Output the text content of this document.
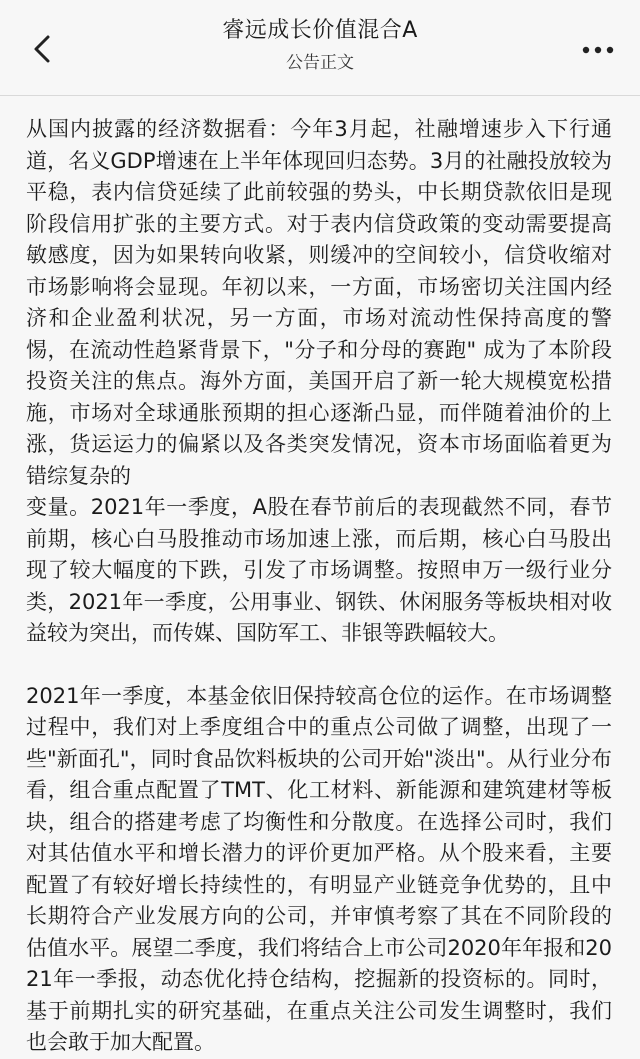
睿远成长价值混合A
公告正文

从国内披露的经济数据看：今年3月起，社融增速步入下行通道，名义GDP增速在上半年体现回归态势。3月的社融投放较为平稳，表内信贷延续了此前较强的势头，中长期贷款依旧是现阶段信用扩张的主要方式。对于表内信贷政策的变动需要提高敏感度，因为如果转向收紧，则缓冲的空间较小，信贷收缩对市场影响将会显现。年初以来，一方面，市场密切关注国内经济和企业盈利状况，另一方面，市场对流动性保持高度的警惕，在流动性趋紧背景下，"分子和分母的赛跑" 成为了本阶段投资关注的焦点。海外方面，美国开启了新一轮大规模宽松措施，市场对全球通胀预期的担心逐渐凸显，而伴随着油价的上涨，货运运力的偏紧以及各类突发情况，资本市场面临着更为错综复杂的
变量。2021年一季度，A股在春节前后的表现截然不同，春节前期，核心白马股推动市场加速上涨，而后期，核心白马股出现了较大幅度的下跌，引发了市场调整。按照申万一级行业分类，2021年一季度，公用事业、钢铁、休闲服务等板块相对收益较为突出，而传媒、国防军工、非银等跌幅较大。

2021年一季度，本基金依旧保持较高仓位的运作。在市场调整过程中，我们对上季度组合中的重点公司做了调整，出现了一些"新面孔"，同时食品饮料板块的公司开始"淡出"。从行业分布看，组合重点配置了TMT、化工材料、新能源和建筑建材等板块，组合的搭建考虑了均衡性和分散度。在选择公司时，我们对其估值水平和增长潜力的评价更加严格。从个股来看，主要配置了有较好增长持续性的，有明显产业链竞争优势的，且中长期符合产业发展方向的公司，并审慎考察了其在不同阶段的估值水平。展望二季度，我们将结合上市公司2020年年报和2021年一季报，动态优化持仓结构，挖掘新的投资标的。同时，基于前期扎实的研究基础，在重点关注公司发生调整时，我们也会敢于加大配置。
